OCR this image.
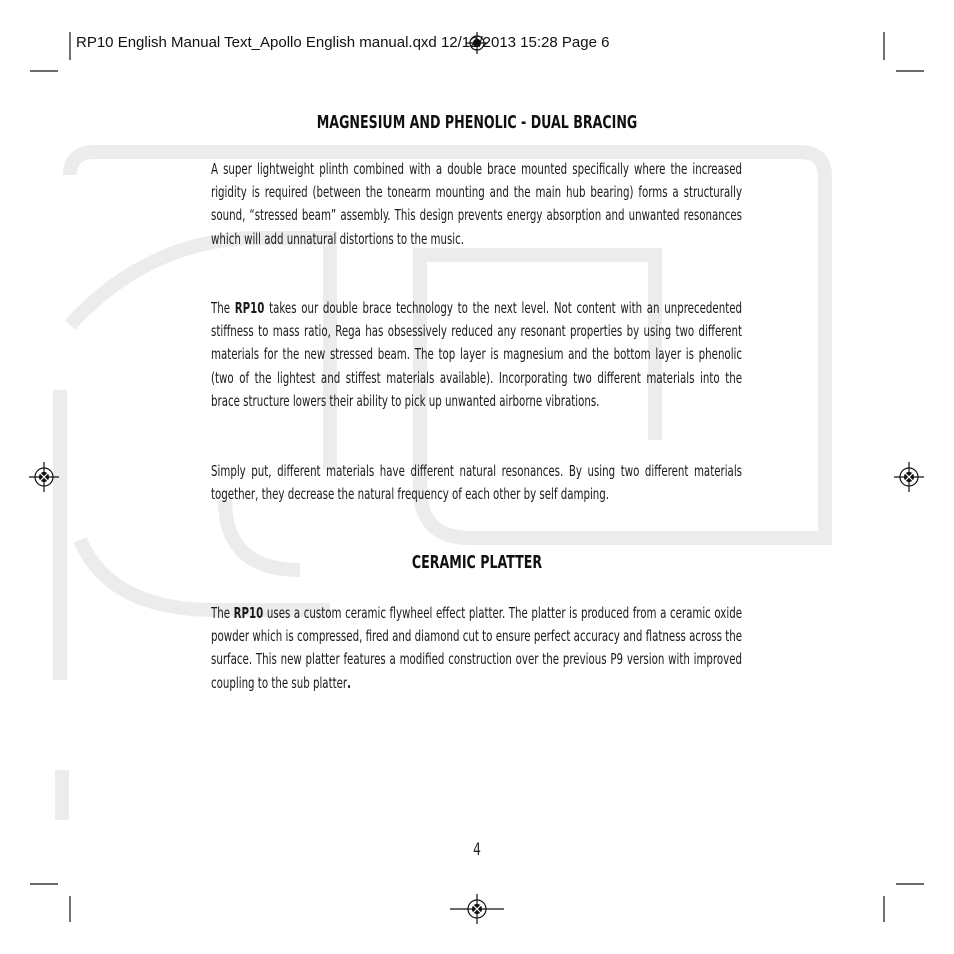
RP10 English Manual Text_Apollo English manual.qxd 12/12/2013 15:28 Page 6
MAGNESIUM AND PHENOLIC - DUAL BRACING
A super lightweight plinth combined with a double brace mounted specifically where the increased rigidity is required (between the tonearm mounting and the main hub bearing) forms a structurally sound, “stressed beam” assembly. This design prevents energy absorption and unwanted resonances which will add unnatural distortions to the music.
The RP10 takes our double brace technology to the next level. Not content with an unprecedented stiffness to mass ratio, Rega has obsessively reduced any resonant properties by using two different materials for the new stressed beam. The top layer is magnesium and the bottom layer is phenolic (two of the lightest and stiffest materials available). Incorporating two different materials into the brace structure lowers their ability to pick up unwanted airborne vibrations.
Simply put, different materials have different natural resonances. By using two different materials together, they decrease the natural frequency of each other by self damping.
CERAMIC PLATTER
The RP10 uses a custom ceramic flywheel effect platter. The platter is produced from a ceramic oxide powder which is compressed, fired and diamond cut to ensure perfect accuracy and flatness across the surface. This new platter features a modified construction over the previous P9 version with improved coupling to the sub platter.
4
